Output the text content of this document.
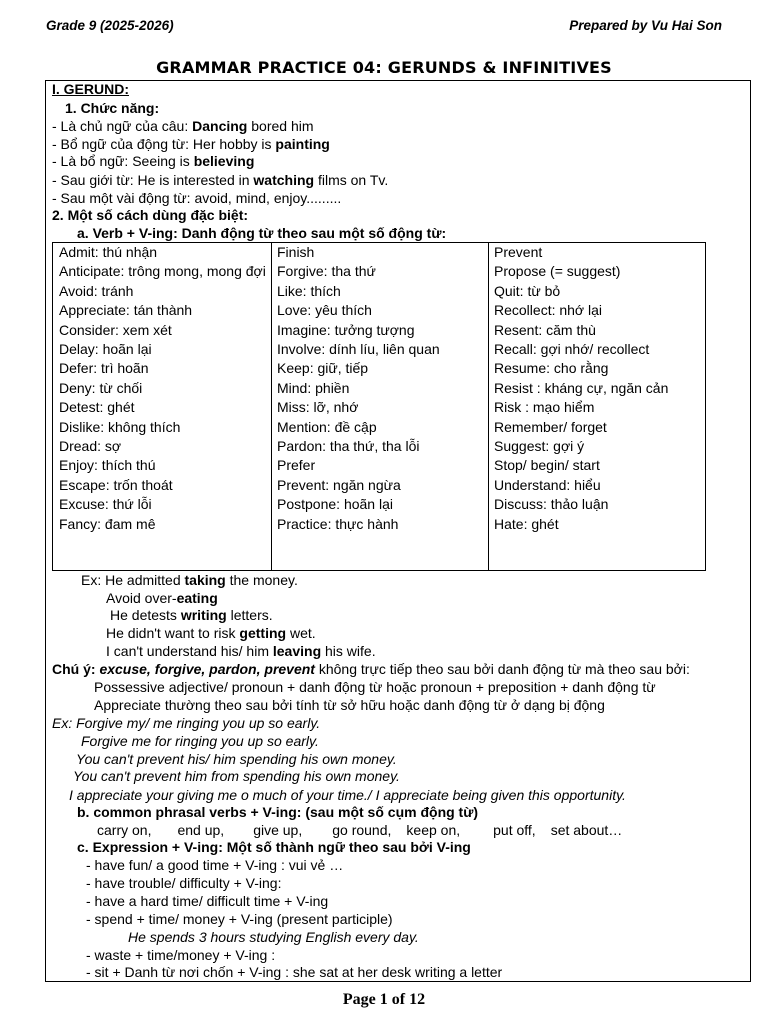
Grade 9 (2025-2026)	Prepared by Vu Hai Son
GRAMMAR PRACTICE 04: GERUNDS & INFINITIVES
I. GERUND:
1. Chức năng:
- Là chủ ngữ của câu: Dancing bored him
- Bổ ngữ của động từ: Her hobby is painting
- Là bổ ngữ: Seeing is believing
- Sau giới từ: He is interested in watching films on Tv.
- Sau một vài động từ: avoid, mind, enjoy.........
2. Một số cách dùng đặc biệt:
a. Verb + V-ing: Danh động từ theo sau một số động từ:
Admit: thú nhận
Anticipate: trông mong, mong đợi
Avoid: tránh
Appreciate: tán thành
Consider: xem xét
Delay: hoãn lại
Defer: trì hoãn
Deny: từ chối
Detest: ghét
Dislike: không thích
Dread: sợ
Enjoy: thích thú
Escape: trốn thoát
Excuse: thứ lỗi
Fancy: đam mê
Finish
Forgive: tha thứ
Like: thích
Love: yêu thích
Imagine: tưởng tượng
Involve: dính líu, liên quan
Keep: giữ, tiếp
Mind: phiền
Miss: lỡ, nhớ
Mention: đề cập
Pardon: tha thứ, tha lỗi
Prefer
Prevent: ngăn ngừa
Postpone: hoãn lại
Practice: thực hành
Prevent
Propose (= suggest)
Quit: từ bỏ
Recollect: nhớ lại
Resent: căm thù
Recall: gợi nhớ/ recollect
Resume: cho rằng
Resist : kháng cự, ngăn cản
Risk : mạo hiểm
Remember/ forget
Suggest: gợi ý
Stop/ begin/ start
Understand: hiểu
Discuss: thảo luận
Hate: ghét
Ex: He admitted taking the money.
Avoid over-eating
He detests writing letters.
He didn't want to risk getting wet.
I can't understand his/ him leaving his wife.
Chú ý: excuse, forgive, pardon, prevent không trực tiếp theo sau bởi danh động từ mà theo sau bởi:
Possessive adjective/ pronoun + danh động từ hoặc pronoun + preposition + danh động từ
Appreciate thường theo sau bởi tính từ sở hữu hoặc danh động từ ở dạng bị động
Ex: Forgive my/ me ringing you up so early.
Forgive me for ringing you up so early.
You can't prevent his/ him spending his own money.
You can't prevent him from spending his own money.
I appreciate your giving me o much of your time./ I appreciate being given this opportunity.
b. common phrasal verbs + V-ing: (sau một số cụm động từ)
carry on, end up, give up, go round, keep on, put off, set about…
c. Expression + V-ing: Một số thành ngữ theo sau bởi V-ing
- have fun/ a good time + V-ing : vui vẻ …
- have trouble/ difficulty + V-ing:
- have a hard time/ difficult time + V-ing
- spend + time/ money + V-ing (present participle)
He spends 3 hours studying English every day.
- waste + time/money + V-ing :
- sit + Danh từ nơi chốn + V-ing : she sat at her desk writing a letter
Page 1 of 12
